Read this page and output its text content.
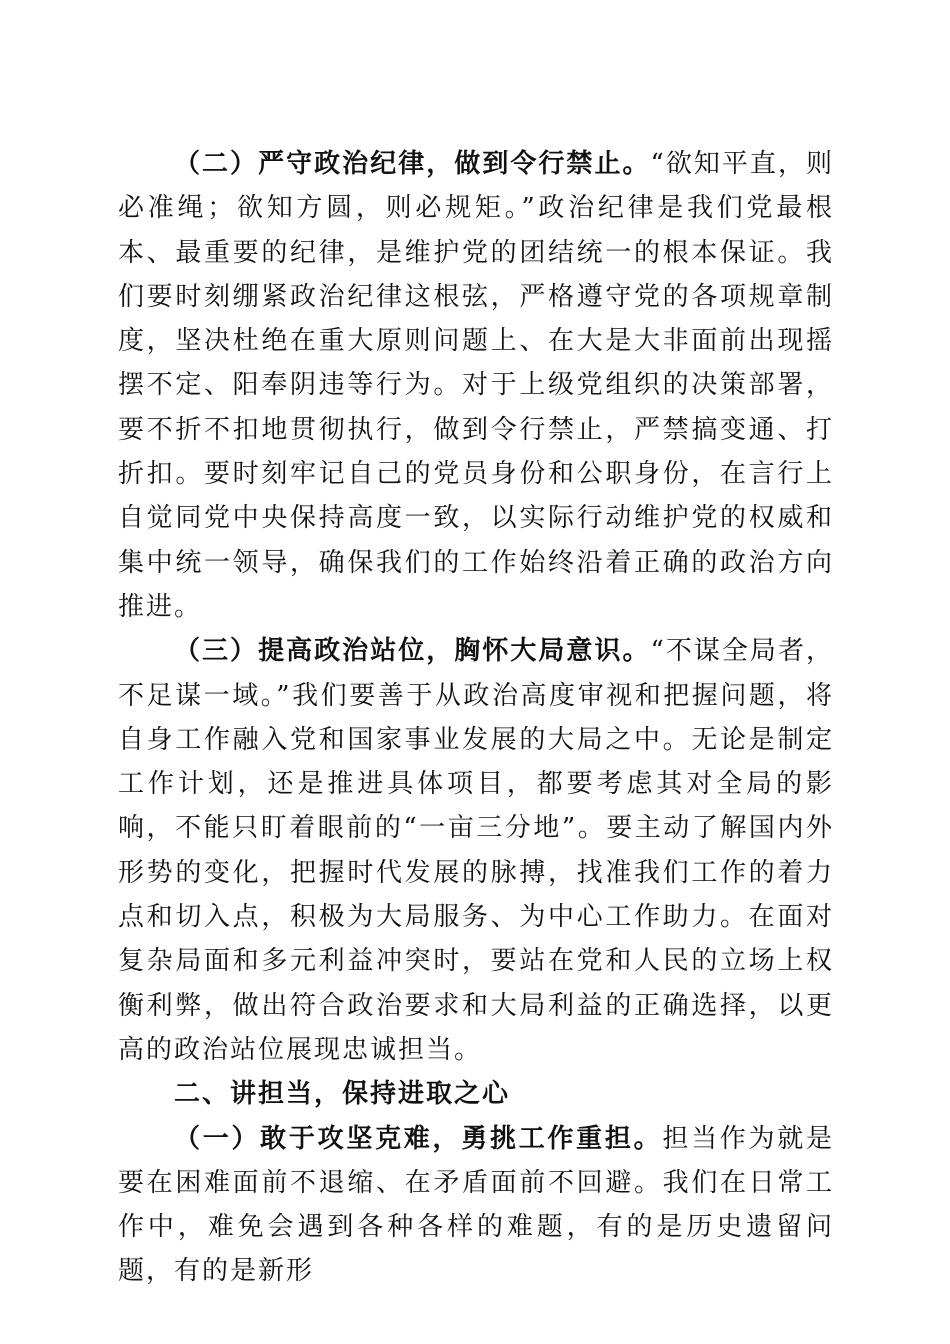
（二）严守政治纪律，做到令行禁止。“欲知平直，则必准绳；欲知方圆，则必规矩。”政治纪律是我们党最根本、最重要的纪律，是维护党的团结统一的根本保证。我们要时刻绷紧政治纪律这根弦，严格遵守党的各项规章制度，坚决杜绝在重大原则问题上、在大是大非面前出现摇摆不定、阳奉阴违等行为。对于上级党组织的决策部署，要不折不扣地贯彻执行，做到令行禁止，严禁搞变通、打折扣。要时刻牢记自己的党员身份和公职身份，在言行上自觉同党中央保持高度一致，以实际行动维护党的权威和集中统一领导，确保我们的工作始终沿着正确的政治方向推进。

（三）提高政治站位，胸怀大局意识。“不谋全局者，不足谋一域。”我们要善于从政治高度审视和把握问题，将自身工作融入党和国家事业发展的大局之中。无论是制定工作计划，还是推进具体项目，都要考虑其对全局的影响，不能只盯着眼前的“一亩三分地”。要主动了解国内外形势的变化，把握时代发展的脉搏，找准我们工作的着力点和切入点，积极为大局服务、为中心工作助力。在面对复杂局面和多元利益冲突时，要站在党和人民的立场上权衡利弊，做出符合政治要求和大局利益的正确选择，以更高的政治站位展现忠诚担当。

二、讲担当，保持进取之心

（一）敢于攻坚克难，勇挑工作重担。担当作为就是要在困难面前不退缩、在矛盾面前不回避。我们在日常工作中，难免会遇到各种各样的难题，有的是历史遗留问题，有的是新形
